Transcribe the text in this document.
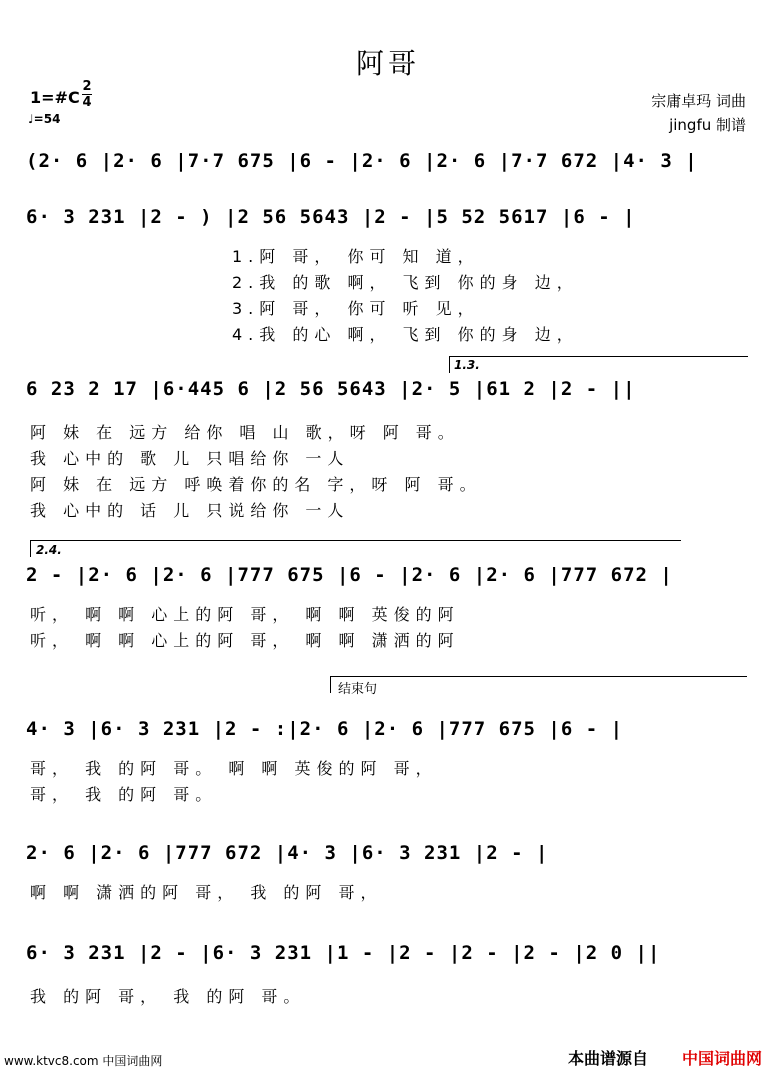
阿哥
1=#C
2
4
♩=54
宗庸卓玛 词曲
jingfu 制谱
(2· 6 |2· 6 |7·7 675 |6 - |2· 6 |2· 6 |7·7 672 |4· 3 |
6· 3 231 |2 - ) |2 56 5643 |2 - |5 52 5617 |6 - |
1.阿 哥， 你可 知 道，
2.我 的歌 啊， 飞到 你的身 边，
3.阿 哥， 你可 听 见，
4.我 的心 啊， 飞到 你的身 边，
1.3.
6 23 2 17 |6·445 6 |2 56 5643 |2· 5 |61 2 |2 - ||
阿 妹 在 远方 给你 唱 山 歌，呀 阿 哥。
我 心中的 歌 儿 只唱给你 一人
阿 妹 在 远方 呼唤着你的名 字，呀 阿 哥。
我 心中的 话 儿 只说给你 一人
2.4.
2 - |2· 6 |2· 6 |777 675 |6 - |2· 6 |2· 6 |777 672 |
听， 啊 啊 心上的阿 哥， 啊 啊 英俊的阿
听， 啊 啊 心上的阿 哥， 啊 啊 潇洒的阿
结束句
4· 3 |6· 3 231 |2 - :|2· 6 |2· 6 |777 675 |6 - |
哥， 我 的阿 哥。 啊 啊 英俊的阿 哥，
哥， 我 的阿 哥。
2· 6 |2· 6 |777 672 |4· 3 |6· 3 231 |2 - |
啊 啊 潇洒的阿 哥， 我 的阿 哥，
6· 3 231 |2 - |6· 3 231 |1 - |2 - |2 - |2 - |2 0 ||
我 的阿 哥， 我 的阿 哥。
www.ktvc8.com 中国词曲网	本曲谱源自 中国词曲网
